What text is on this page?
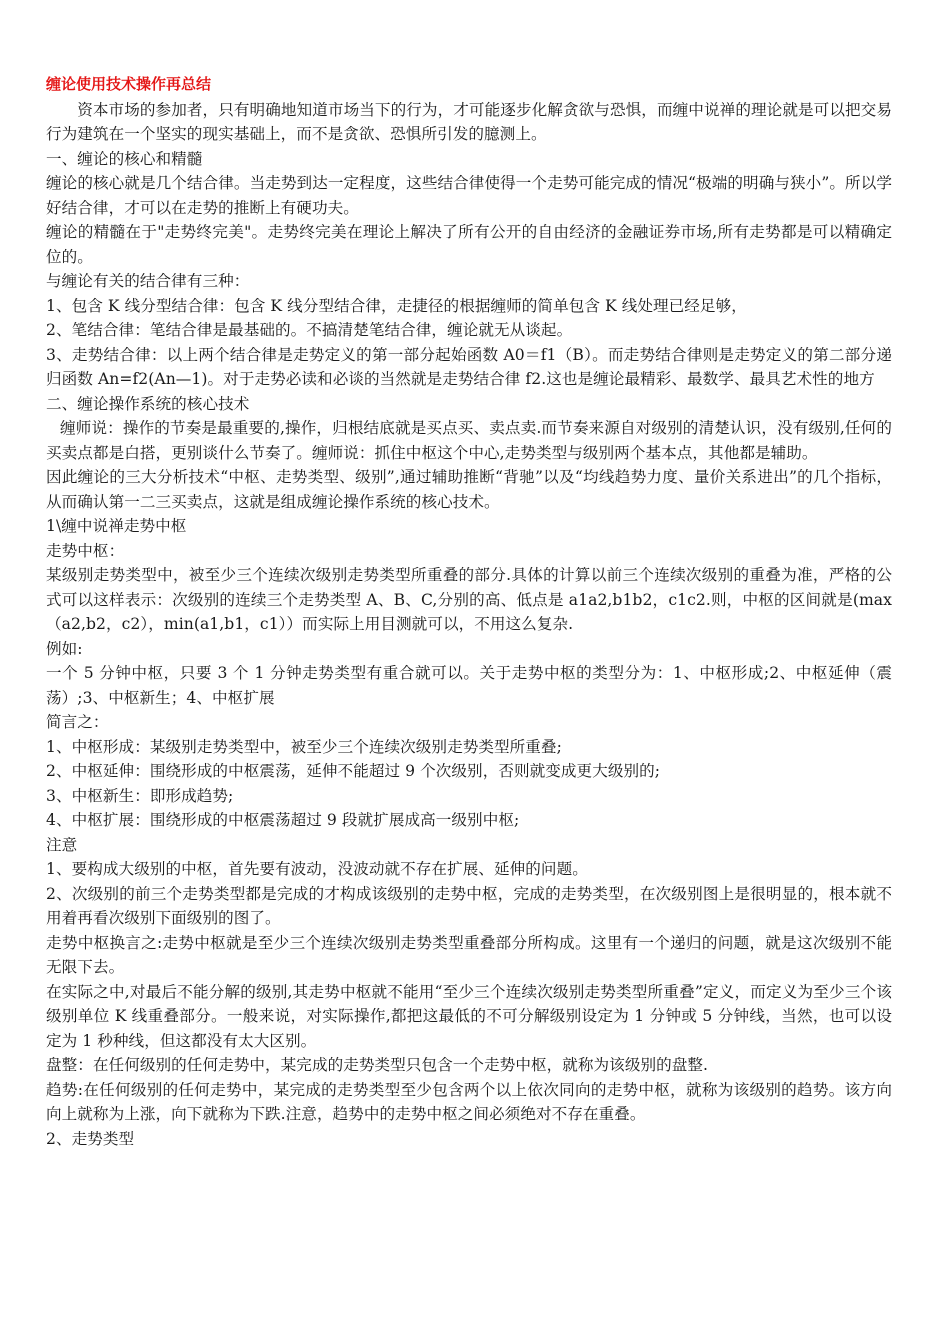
缠论使用技术操作再总结

资本市场的参加者，只有明确地知道市场当下的行为，才可能逐步化解贪欲与恐惧，而缠中说禅的理论就是可以把交易行为建筑在一个坚实的现实基础上，而不是贪欲、恐惧所引发的臆测上。

一、缠论的核心和精髓

缠论的核心就是几个结合律。当走势到达一定程度，这些结合律使得一个走势可能完成的情况“极端的明确与狭小”。所以学好结合律，才可以在走势的推断上有硬功夫。

缠论的精髓在于"走势终完美"。走势终完美在理论上解决了所有公开的自由经济的金融证券市场,所有走势都是可以精确定位的。

与缠论有关的结合律有三种：

1、包含 K 线分型结合律：包含 K 线分型结合律，走捷径的根据缠师的简单包含 K 线处理已经足够，

2、笔结合律：笔结合律是最基础的。不搞清楚笔结合律，缠论就无从谈起。

3、走势结合律：以上两个结合律是走势定义的第一部分起始函数 A0＝f1（B）。而走势结合律则是走势定义的第二部分递归函数 An=f2(An—1)。对于走势必读和必谈的当然就是走势结合律 f2.这也是缠论最精彩、最数学、最具艺术性的地方

二、缠论操作系统的核心技术

缠师说：操作的节奏是最重要的,操作，归根结底就是买点买、卖点卖.而节奏来源自对级别的清楚认识，没有级别,任何的买卖点都是白搭，更别谈什么节奏了。缠师说：抓住中枢这个中心,走势类型与级别两个基本点，其他都是辅助。

因此缠论的三大分析技术“中枢、走势类型、级别”,通过辅助推断“背驰”以及“均线趋势力度、量价关系进出”的几个指标，从而确认第一二三买卖点，这就是组成缠论操作系统的核心技术。

1\缠中说禅走势中枢

走势中枢：

某级别走势类型中，被至少三个连续次级别走势类型所重叠的部分.具体的计算以前三个连续次级别的重叠为准，严格的公式可以这样表示：次级别的连续三个走势类型 A、B、C,分别的高、低点是 a1a2,b1b2，c1c2.则，中枢的区间就是(max（a2,b2，c2），min(a1,b1，c1））而实际上用目测就可以，不用这么复杂.

例如:

一个 5 分钟中枢，只要 3 个 1 分钟走势类型有重合就可以。关于走势中枢的类型分为：1、中枢形成;2、中枢延伸（震荡）;3、中枢新生；4、中枢扩展

简言之：

1、中枢形成：某级别走势类型中，被至少三个连续次级别走势类型所重叠;

2、中枢延伸：围绕形成的中枢震荡，延伸不能超过 9 个次级别，否则就变成更大级别的;

3、中枢新生：即形成趋势;

4、中枢扩展：围绕形成的中枢震荡超过 9 段就扩展成高一级别中枢;

注意

1、要构成大级别的中枢，首先要有波动，没波动就不存在扩展、延伸的问题。

2、次级别的前三个走势类型都是完成的才构成该级别的走势中枢，完成的走势类型，在次级别图上是很明显的，根本就不用着再看次级别下面级别的图了。

走势中枢换言之:走势中枢就是至少三个连续次级别走势类型重叠部分所构成。这里有一个递归的问题，就是这次级别不能无限下去。

在实际之中,对最后不能分解的级别,其走势中枢就不能用“至少三个连续次级别走势类型所重叠”定义，而定义为至少三个该级别单位 K 线重叠部分。一般来说，对实际操作,都把这最低的不可分解级别设定为 1 分钟或 5 分钟线，当然，也可以设定为 1 秒种线，但这都没有太大区别。

盘整：在任何级别的任何走势中，某完成的走势类型只包含一个走势中枢，就称为该级别的盘整.

趋势:在任何级别的任何走势中，某完成的走势类型至少包含两个以上依次同向的走势中枢，就称为该级别的趋势。该方向向上就称为上涨，向下就称为下跌.注意，趋势中的走势中枢之间必须绝对不存在重叠。

2、走势类型
